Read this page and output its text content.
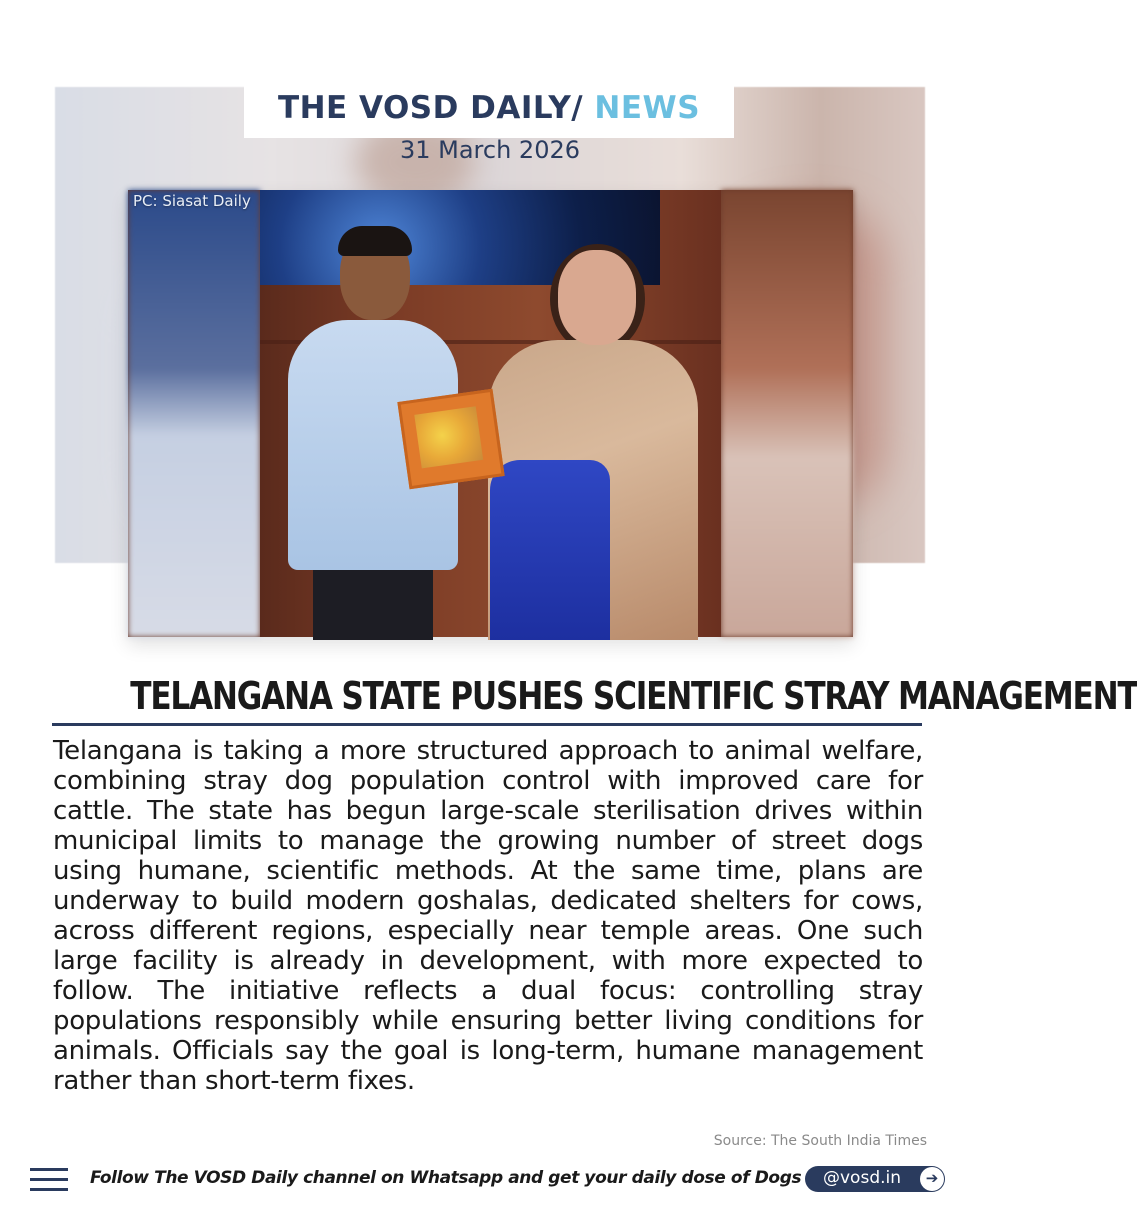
THE VOSD DAILY/ NEWS
31 March 2026
PC: Siasat Daily
TELANGANA STATE PUSHES SCIENTIFIC STRAY MANAGEMENT
Telangana is taking a more structured approach to animal welfare, combining stray dog population control with improved care for cattle. The state has begun large-scale sterilisation drives within municipal limits to manage the growing number of street dogs using humane, scientific methods. At the same time, plans are underway to build modern goshalas, dedicated shelters for cows, across different regions, especially near temple areas. One such large facility is already in development, with more expected to follow. The initiative reflects a dual focus: controlling stray populations responsibly while ensuring better living conditions for animals. Officials say the goal is long-term, humane management rather than short-term fixes.
Source: The South India Times
Follow The VOSD Daily channel on Whatsapp and get your daily dose of Dogs @vosd.in	➔
